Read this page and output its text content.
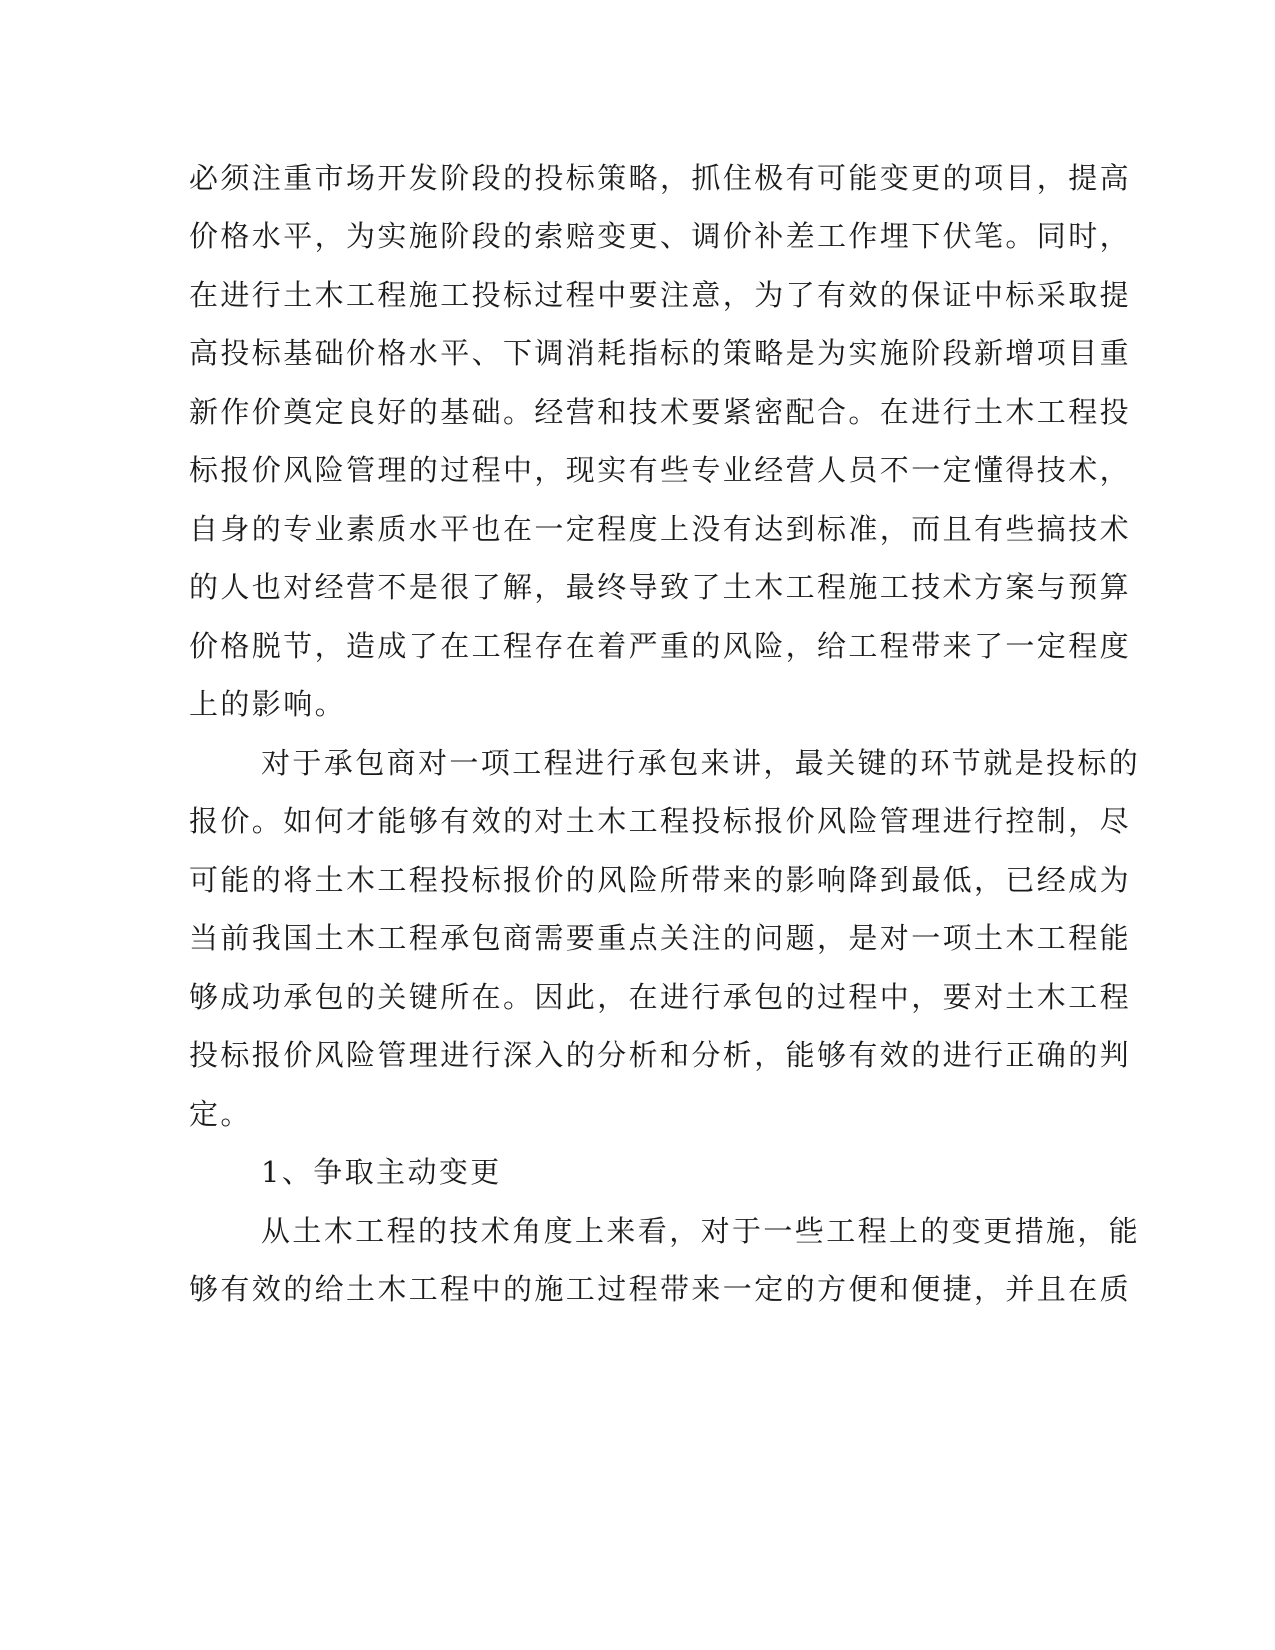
必须注重市场开发阶段的投标策略，抓住极有可能变更的项目，提高
价格水平，为实施阶段的索赔变更、调价补差工作埋下伏笔。同时，
在进行土木工程施工投标过程中要注意，为了有效的保证中标采取提
高投标基础价格水平、下调消耗指标的策略是为实施阶段新增项目重
新作价奠定良好的基础。经营和技术要紧密配合。在进行土木工程投
标报价风险管理的过程中，现实有些专业经营人员不一定懂得技术，
自身的专业素质水平也在一定程度上没有达到标准，而且有些搞技术
的人也对经营不是很了解，最终导致了土木工程施工技术方案与预算
价格脱节，造成了在工程存在着严重的风险，给工程带来了一定程度
上的影响。
对于承包商对一项工程进行承包来讲，最关键的环节就是投标的
报价。如何才能够有效的对土木工程投标报价风险管理进行控制，尽
可能的将土木工程投标报价的风险所带来的影响降到最低，已经成为
当前我国土木工程承包商需要重点关注的问题，是对一项土木工程能
够成功承包的关键所在。因此，在进行承包的过程中，要对土木工程
投标报价风险管理进行深入的分析和分析，能够有效的进行正确的判
定。
1、争取主动变更
从土木工程的技术角度上来看，对于一些工程上的变更措施，能
够有效的给土木工程中的施工过程带来一定的方便和便捷，并且在质
